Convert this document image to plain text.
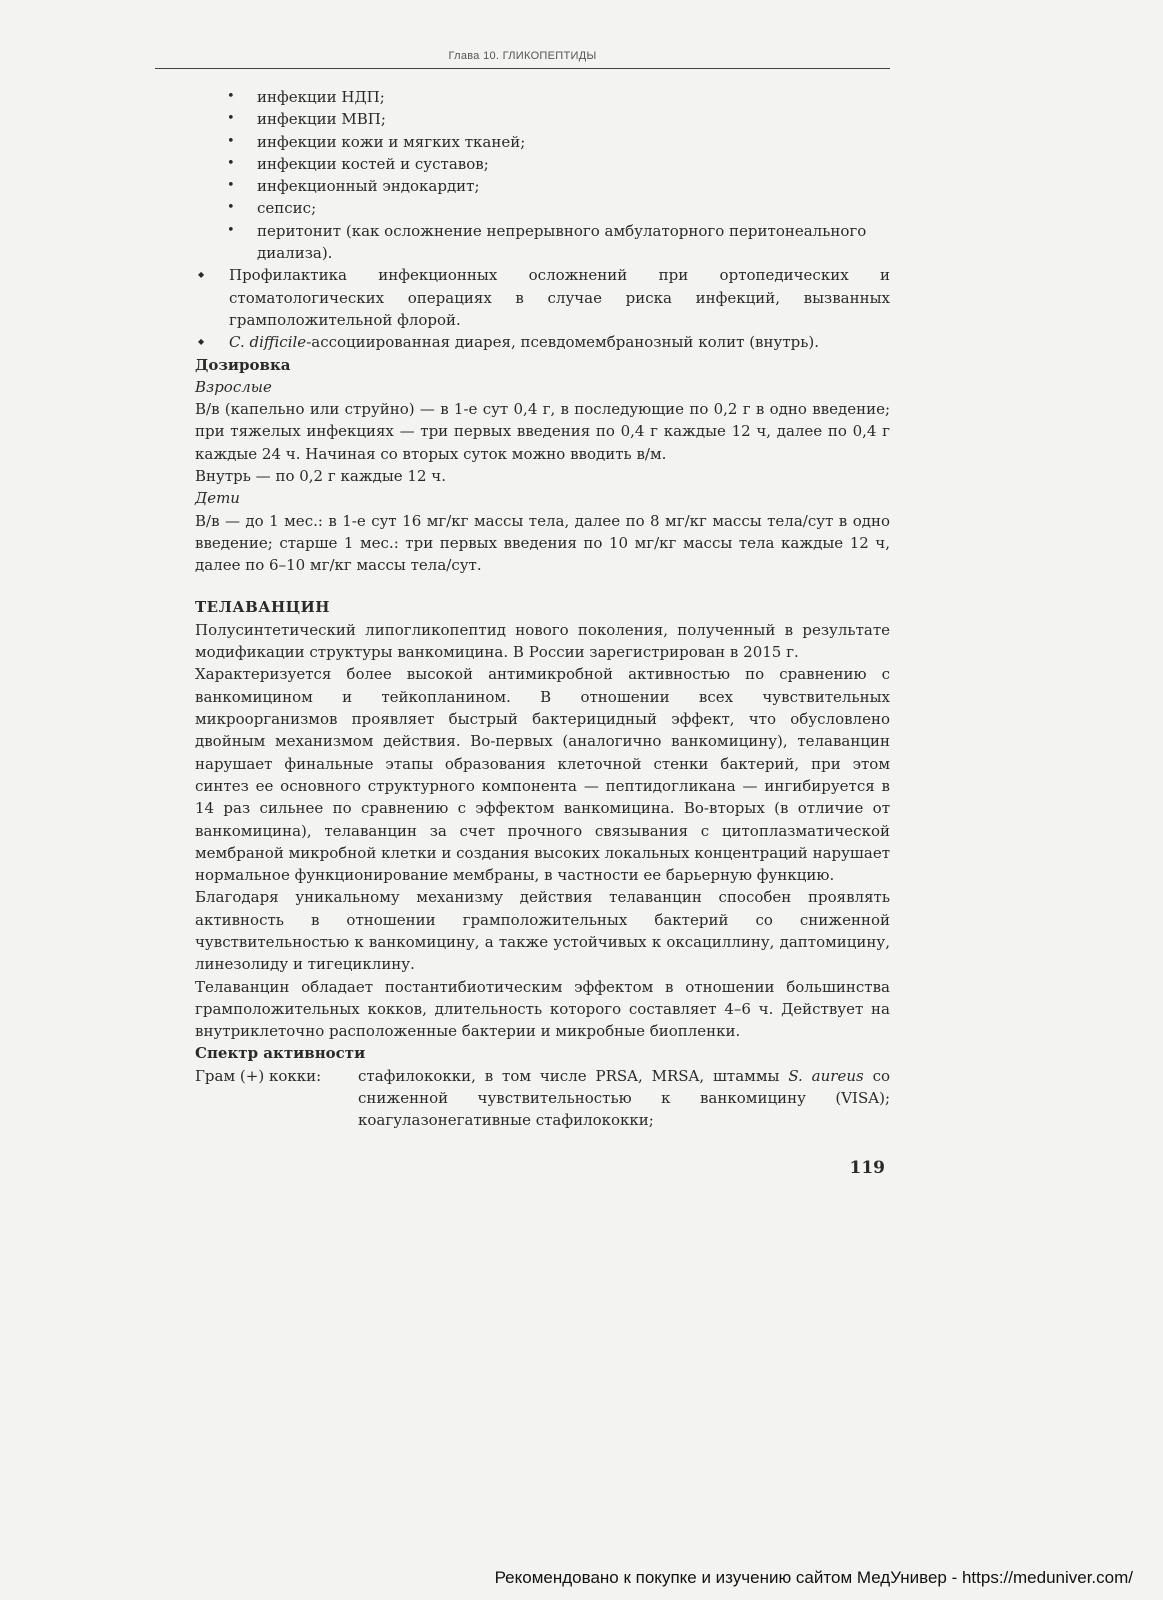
Глава 10. ГЛИКОПЕПТИДЫ
• инфекции НДП;
• инфекции МВП;
• инфекции кожи и мягких тканей;
• инфекции костей и суставов;
• инфекционный эндокардит;
• сепсис;
• перитонит (как осложнение непрерывного амбулаторного перитонеального диализа).
◆ Профилактика инфекционных осложнений при ортопедических и стоматологических операциях в случае риска инфекций, вызванных грамположительной флорой.
◆ C. difficile-ассоциированная диарея, псевдомембранозный колит (внутрь).
Дозировка
Взрослые

В/в (капельно или струйно) — в 1-е сут 0,4 г, в последующие по 0,2 г в одно введение; при тяжелых инфекциях — три первых введения по 0,4 г каждые 12 ч, далее по 0,4 г каждые 24 ч. Начиная со вторых суток можно вводить в/м.

Внутрь — по 0,2 г каждые 12 ч.

Дети

В/в — до 1 мес.: в 1-е сут 16 мг/кг массы тела, далее по 8 мг/кг массы тела/сут в одно введение; старше 1 мес.: три первых введения по 10 мг/кг массы тела каждые 12 ч, далее по 6–10 мг/кг массы тела/сут.

ТЕЛАВАНЦИН

Полусинтетический липогликопептид нового поколения, полученный в результате модификации структуры ванкомицина. В России зарегистрирован в 2015 г.

Характеризуется более высокой антимикробной активностью по сравнению с ванкомицином и тейкопланином. В отношении всех чувствительных микроорганизмов проявляет быстрый бактерицидный эффект, что обусловлено двойным механизмом действия. Во-первых (аналогично ванкомицину), телаванцин нарушает финальные этапы образования клеточной стенки бактерий, при этом синтез ее основного структурного компонента — пептидогликана — ингибируется в 14 раз сильнее по сравнению с эффектом ванкомицина. Во-вторых (в отличие от ванкомицина), телаванцин за счет прочного связывания с цитоплазматической мембраной микробной клетки и создания высоких локальных концентраций нарушает нормальное функционирование мембраны, в частности ее барьерную функцию.

Благодаря уникальному механизму действия телаванцин способен проявлять активность в отношении грамположительных бактерий со сниженной чувствительностью к ванкомицину, а также устойчивых к оксациллину, даптомицину, линезолиду и тигециклину.

Телаванцин обладает постантибиотическим эффектом в отношении большинства грамположительных кокков, длительность которого составляет 4–6 ч. Действует на внутриклеточно расположенные бактерии и микробные биопленки.

Спектр активности
Грам (+) кокки:	стафилококки, в том числе PRSA, MRSA, штаммы S. aureus со сниженной чувствительностью к ванкомицину (VISA); коагулазонегативные стафилококки;
119
Рекомендовано к покупке и изучению сайтом МедУнивер - https://meduniver.com/
